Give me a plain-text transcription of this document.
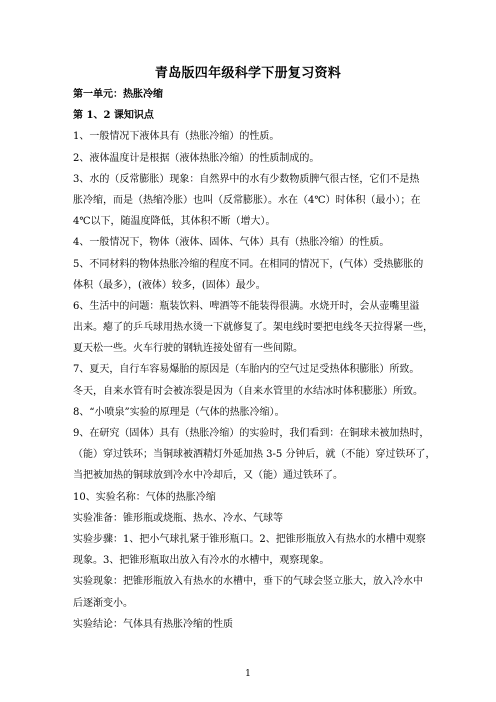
青岛版四年级科学下册复习资料
第一单元：热胀冷缩
第 1、2 课知识点
1、一般情况下液体具有（热胀冷缩）的性质。
2、液体温度计是根据（液体热胀冷缩）的性质制成的。
3、水的（反常膨胀）现象：自然界中的水有少数物质脾气很古怪，它们不是热
胀冷缩，而是（热缩冷胀）也叫（反常膨胀）。水在（4℃）时体积（最小）；在
4℃以下，随温度降低，其体积不断（增大）。
4、一般情况下，物体（液体、固体、气体）具有（热胀冷缩）的性质。
5、不同材料的物体热胀冷缩的程度不同。在相同的情况下，(气体）受热膨胀的
体积（最多），(液体）较多，(固体）最少。
6、生活中的问题：瓶装饮料、啤酒等不能装得很满。水烧开时，会从壶嘴里溢
出来。瘪了的乒乓球用热水烫一下就修复了。架电线时要把电线冬天拉得紧一些，
夏天松一些。火车行驶的钢轨连接处留有一些间隙。
7、夏天，自行车容易爆胎的原因是（车胎内的空气过足受热体积膨胀）所致。
冬天，自来水管有时会被冻裂是因为（自来水管里的水结冰时体积膨胀）所致。
8、“小喷泉”实验的原理是（气体的热胀冷缩）。
9、在研究（固体）具有（热胀冷缩）的实验时，我们看到：在铜球未被加热时，
（能）穿过铁环；当铜球被酒精灯外延加热 3-5 分钟后，就（不能）穿过铁环了，
当把被加热的铜球放到冷水中冷却后，又（能）通过铁环了。
10、实验名称：气体的热胀冷缩
实验准备：锥形瓶或烧瓶、热水、冷水、气球等
实验步骤：1、把小气球扎紧于锥形瓶口。2、把锥形瓶放入有热水的水槽中观察
现象。3、把锥形瓶取出放入有冷水的水槽中，观察现象。
实验现象：把锥形瓶放入有热水的水槽中，垂下的气球会竖立胀大，放入冷水中
后逐渐变小。
实验结论：气体具有热胀冷缩的性质
1
